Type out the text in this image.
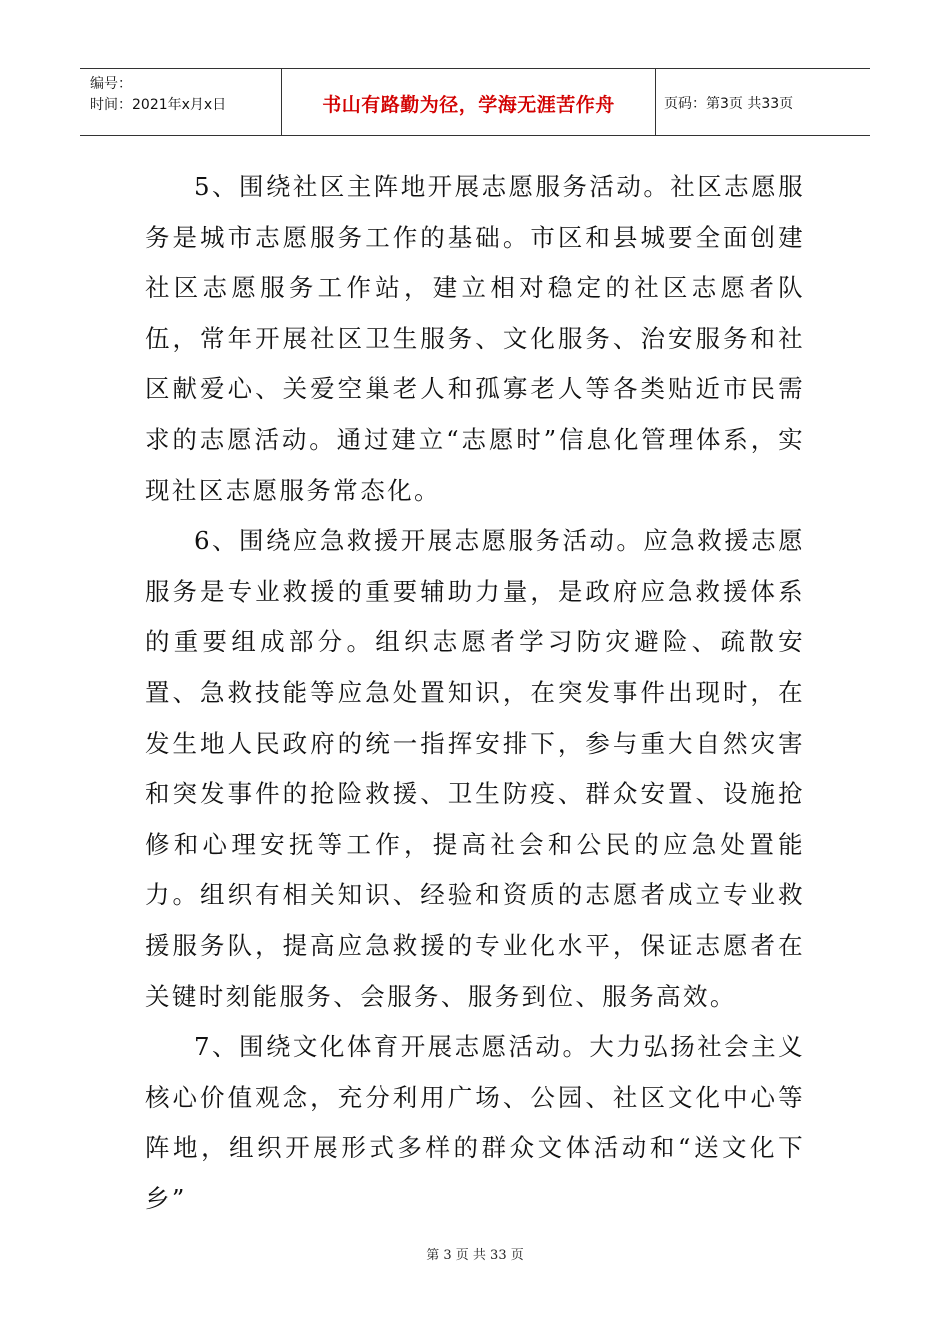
编号：
时间：2021年x月x日	书山有路勤为径，学海无涯苦作舟	页码：第3页 共33页

5、围绕社区主阵地开展志愿服务活动。社区志愿服务是城市志愿服务工作的基础。市区和县城要全面创建社区志愿服务工作站，建立相对稳定的社区志愿者队伍，常年开展社区卫生服务、文化服务、治安服务和社区献爱心、关爱空巢老人和孤寡老人等各类贴近市民需求的志愿活动。通过建立“志愿时”信息化管理体系，实现社区志愿服务常态化。

6、围绕应急救援开展志愿服务活动。应急救援志愿服务是专业救援的重要辅助力量，是政府应急救援体系的重要组成部分。组织志愿者学习防灾避险、疏散安置、急救技能等应急处置知识，在突发事件出现时，在发生地人民政府的统一指挥安排下，参与重大自然灾害和突发事件的抢险救援、卫生防疫、群众安置、设施抢修和心理安抚等工作，提高社会和公民的应急处置能力。组织有相关知识、经验和资质的志愿者成立专业救援服务队，提高应急救援的专业化水平，保证志愿者在关键时刻能服务、会服务、服务到位、服务高效。

7、围绕文化体育开展志愿活动。大力弘扬社会主义核心价值观念，充分利用广场、公园、社区文化中心等阵地，组织开展形式多样的群众文体活动和“送文化下乡”

第 3 页 共 33 页
